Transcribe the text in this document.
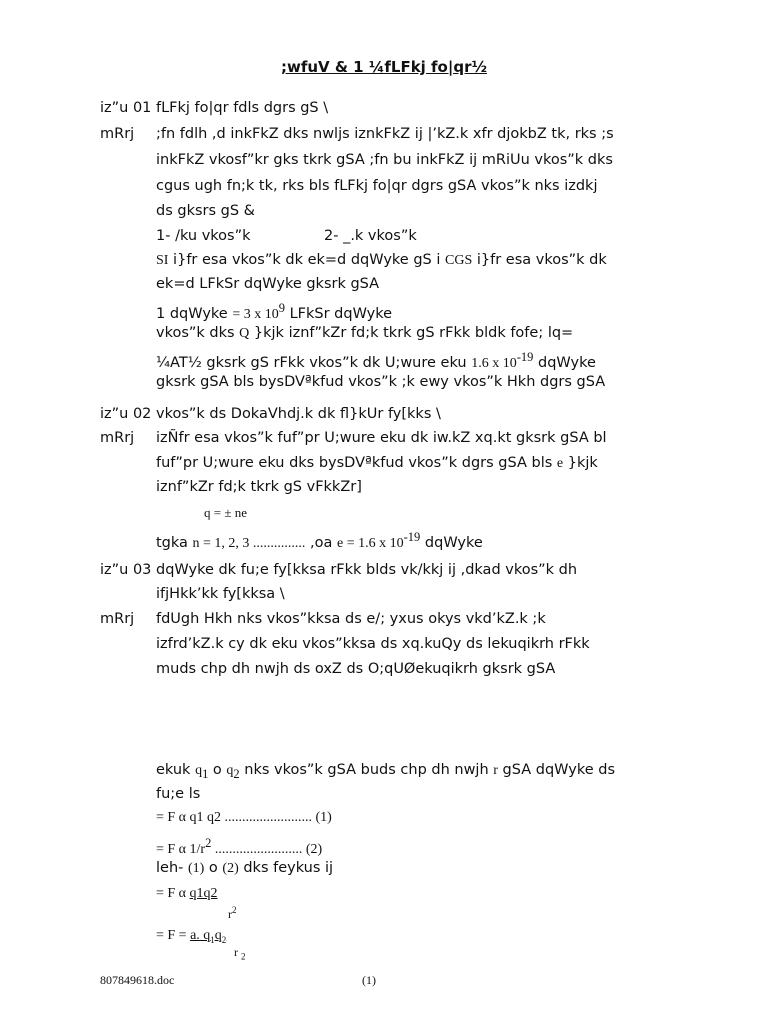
;wfuV & 1 ¼fLFkj fo|qr½
iz”u 01 fLFkj fo|qr fdls dgrs gS \
mRrj ;fn fdlh ,d inkFkZ dks nwljs iznkFkZ ij |’kZ.k xfr djokbZ tk, rks ;s
inkFkZ vkosf”kr gks tkrk gSA ;fn bu inkFkZ ij mRiUu vkos”k dks
cgus ugh fn;k tk, rks bls fLFkj fo|qr dgrs gSA vkos”k nks izdkj
ds gksrs gS &
1- /ku vkos”k	2- _.k vkos”k
SI i}fr esa vkos”k dk ek=d dqWyke gS i CGS i}fr esa vkos”k dk
ek=d LFkSr dqWyke gksrk gSA
1 dqWyke = 3 x $10^9$ LFkSr dqWyke
vkos”k dks Q }kjk iznf”kZr fd;k tkrk gS rFkk bldk fofe; lq=
¼AT½ gksrk gS rFkk vkos”k dk U;wure eku 1.6 x $10^{-19}$ dqWyke
gksrk gSA bls bysDVªkfud vkos”k ;k ewy vkos”k Hkh dgrs gSA
iz”u 02 vkos”k ds DokaVhdj.k dk fl}kUr fy[kks \
mRrj izÑfr esa vkos”k fuf”pr U;wure eku dk iw.kZ xq.kt gksrk gSA bl
fuf”pr U;wure eku dks bysDVªkfud vkos”k dgrs gSA bls e }kjk
iznf”kZr fd;k tkrk gS vFkkZr]
q = ± ne
tgka n = 1, 2, 3 ............... ,oa e = 1.6 x $10^{-19}$ dqWyke
iz”u 03 dqWyke dk fu;e fy[kksa rFkk blds vk/kkj ij ,dkad vkos”k dh
ifjHkk’kk fy[kksa \
mRrj fdUgh Hkh nks vkos”kksa ds e/; yxus okys vkd’kZ.k ;k
izfrd’kZ.k cy dk eku vkos”kksa ds xq.kuQy ds lekuqikrh rFkk
muds chp dh nwjh ds oxZ ds O;qUØekuqikrh gksrk gSA
ekuk $q_1$ o $q_2$ nks vkos”k gSA buds chp dh nwjh r gSA dqWyke ds
fu;e ls
= F α q1 q2 ......................... (1)
= F α $1/r^2$ ......................... (2)
leh- (1) o (2) dks feykus ij
= F α q1q2
$r^2$
= F = a. $q_1q_2$
r $_2$
807849618.doc	(1)
